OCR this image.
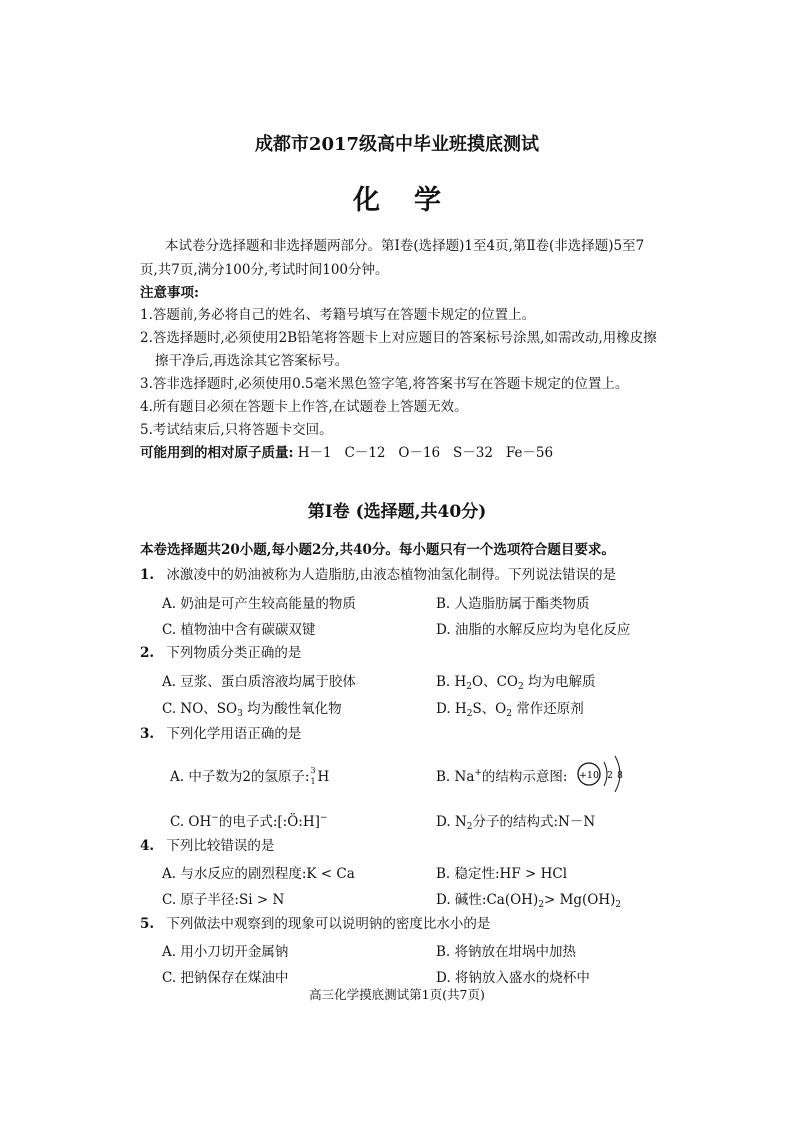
成都市2017级高中毕业班摸底测试
化学
本试卷分选择题和非选择题两部分。第Ⅰ卷(选择题)1至4页,第Ⅱ卷(非选择题)5至7
页,共7页,满分100分,考试时间100分钟。
注意事项:
1.答题前,务必将自己的姓名、考籍号填写在答题卡规定的位置上。
2.答选择题时,必须使用2B铅笔将答题卡上对应题目的答案标号涂黑,如需改动,用橡皮擦
擦干净后,再选涂其它答案标号。
3.答非选择题时,必须使用0.5毫米黑色签字笔,将答案书写在答题卡规定的位置上。
4.所有题目必须在答题卡上作答,在试题卷上答题无效。
5.考试结束后,只将答题卡交回。
可能用到的相对原子质量: H－1   C－12   O－16   S－32   Fe－56
第Ⅰ卷 (选择题,共40分)
本卷选择题共20小题,每小题2分,共40分。每小题只有一个选项符合题目要求。
1. 冰激凌中的奶油被称为人造脂肪,由液态植物油氢化制得。下列说法错误的是
A. 奶油是可产生较高能量的物质	B. 人造脂肪属于酯类物质
C. 植物油中含有碳碳双键	D. 油脂的水解反应均为皂化反应
2. 下列物质分类正确的是
A. 豆浆、蛋白质溶液均属于胶体	B. $H_2O$、$CO_2$ 均为电解质
C. NO、$SO_3$ 均为酸性氧化物	D. $H_2S$、$O_2$ 常作还原剂
3. 下列化学用语正确的是
A. 中子数为2的氢原子: 3
1 H	B. Na+的结构示意图: +10 2 8
C. OH−的电子式:[:Ö:H]−	D. $N_2$分子的结构式:N－N
4. 下列比较错误的是
A. 与水反应的剧烈程度:K < Ca	B. 稳定性:HF > HCl
C. 原子半径:Si > N	D. 碱性$:Ca(OH)_2> Mg(OH)_2$
5. 下列做法中观察到的现象可以说明钠的密度比水小的是
A. 用小刀切开金属钠	B. 将钠放在坩埚中加热
C. 把钠保存在煤油中	D. 将钠放入盛水的烧杯中
高三化学摸底测试第1页(共7页)
